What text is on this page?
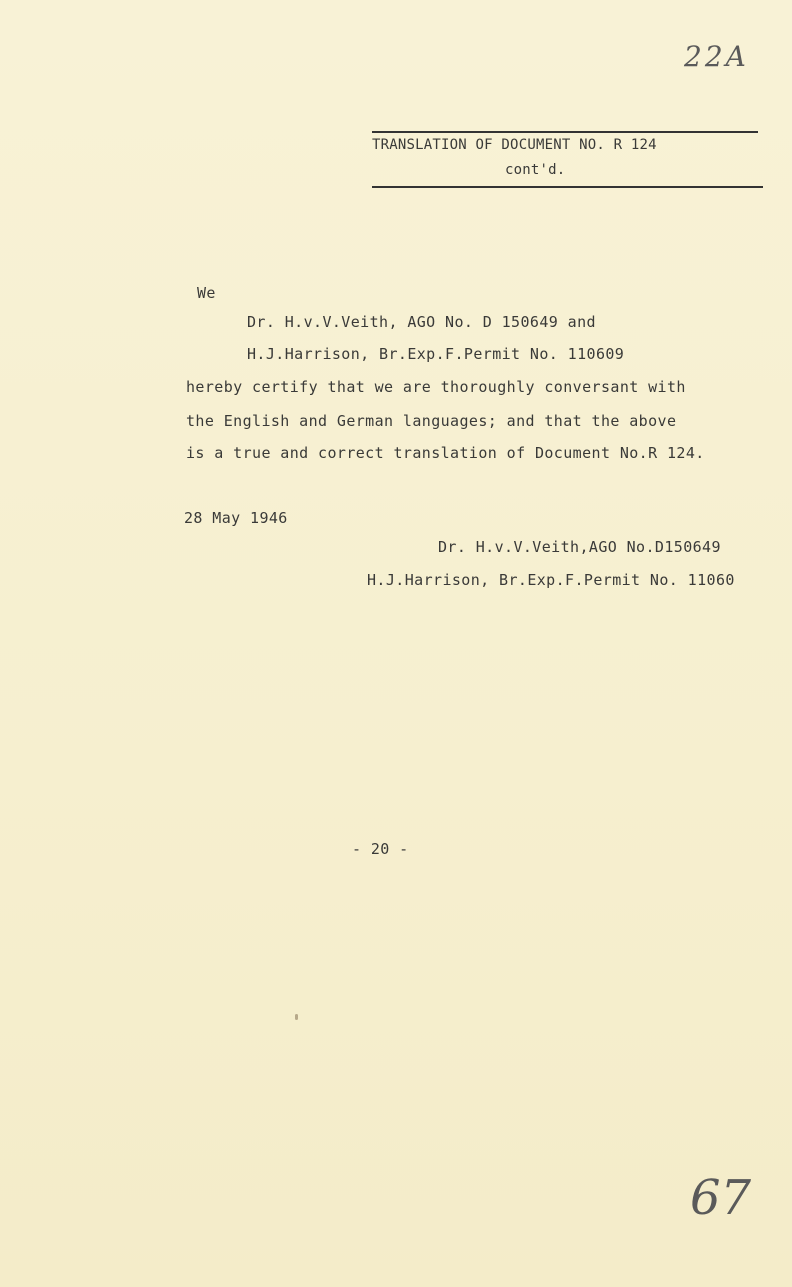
22A
TRANSLATION OF DOCUMENT NO. R 124
cont'd.
We
Dr. H.v.V.Veith, AGO No. D 150649 and
H.J.Harrison, Br.Exp.F.Permit No. 110609
hereby certify that we are thoroughly conversant with
the English and German languages; and that the above
is a true and correct translation of Document No.R 124.
28 May 1946
Dr. H.v.V.Veith,AGO No.D150649
H.J.Harrison, Br.Exp.F.Permit No. 11060
- 20 -
67
